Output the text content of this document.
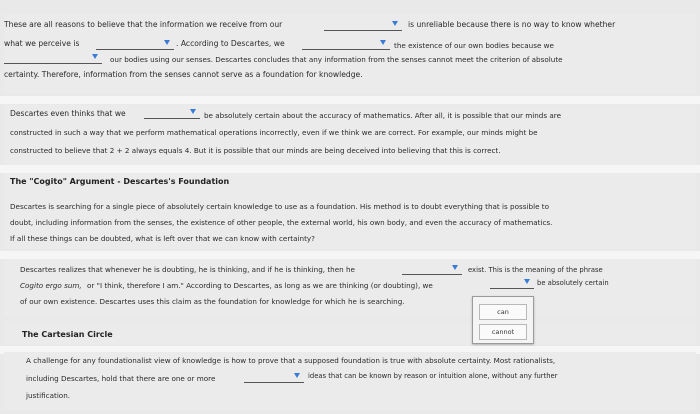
These are all reasons to believe that the information we receive from our	is unreliable because there is no way to know whether
what we perceive is	. According to Descartes, we	the existence of our own bodies because we
our bodies using our senses. Descartes concludes that any information from the senses cannot meet the criterion of absolute
certainty. Therefore, information from the senses cannot serve as a foundation for knowledge.
Descartes even thinks that we	be absolutely certain about the accuracy of mathematics. After all, it is possible that our minds are
constructed in such a way that we perform mathematical operations incorrectly, even if we think we are correct. For example, our minds might be
constructed to believe that 2 + 2 always equals 4. But it is possible that our minds are being deceived into believing that this is correct.
The "Cogito" Argument - Descartes's Foundation
Descartes is searching for a single piece of absolutely certain knowledge to use as a foundation. His method is to doubt everything that is possible to
doubt, including information from the senses, the existence of other people, the external world, his own body, and even the accuracy of mathematics.
If all these things can be doubted, what is left over that we can know with certainty?
Descartes realizes that whenever he is doubting, he is thinking, and if he is thinking, then he	exist. This is the meaning of the phrase
Cogito ergo sum, or "I think, therefore I am." According to Descartes, as long as we are thinking (or doubting), we	be absolutely certain
of our own existence. Descartes uses this claim as the foundation for knowledge for which he is searching.
The Cartesian Circle
can
cannot
A challenge for any foundationalist view of knowledge is how to prove that a supposed foundation is true with absolute certainty. Most rationalists,
including Descartes, hold that there are one or more	ideas that can be known by reason or intuition alone, without any further
justification.
